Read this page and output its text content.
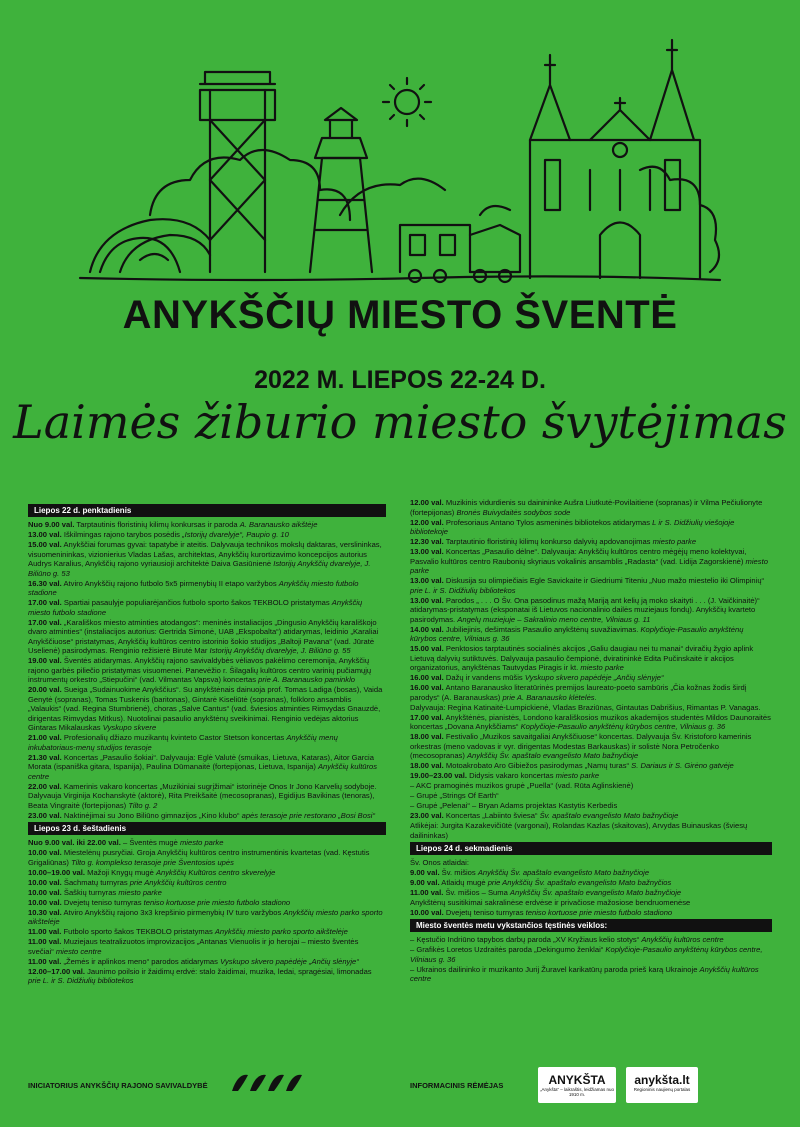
ANYKŠČIŲ MIESTO ŠVENTĖ
2022 M. LIEPOS 22-24 D.
Laimės žiburio miesto švytėjimas
Liepos 22 d. penktadienis
Nuo 9.00 val. Tarptautinis floristinių kilimų konkursas ir paroda A. Baranausko aikštėje
13.00 val. Iškilmingas rajono tarybos posėdis „Istorijų dvarelyje“, Paupio g. 10
15.00 val. Anykščiai forumas gyvai: tapatybė ir ateitis. Dalyvauja technikos mokslų daktaras, verslininkas, visuomenininkas, vizionierius Vladas Lašas, architektas, Anykščių kurortizavimo koncepcijos autorius Audrys Karalius, Anykščių rajono vyriausioji architektė Daiva Gasiūnienė Istorijų Anykščių dvarelyje, J. Biliūno g. 53
16.30 val. Atviro Anykščių rajono futbolo 5x5 pirmenybių II etapo varžybos Anykščių miesto futbolo stadione
17.00 val. Spartiai pasaulyje populiarėjančios futbolo sporto šakos TEKBOLO pristatymas Anykščių miesto futbolo stadione
17.00 val. „Karališkos miesto atminties atodangos“: meninės instaliacijos „Dingusio Anykščių karališkojo dvaro atminties“ (instaliacijos autorius: Gertrida Simonė, UAB „Ekspobalta“) atidarymas, leidinio „Karaliai Anykščiuose“ pristatymas, Anykščių kultūros centro istorinio šokio studijos „Baltoji Pavana“ (vad. Jūratė Uselienė) pasirodymas. Renginio režisierė Birutė Mar Istorijų Anykščių dvarelyje, J. Biliūno g. 55
19.00 val. Šventės atidarymas. Anykščių rajono savivaldybės vėliavos pakėlimo ceremonija, Anykščių rajono garbės piliečio pristatymas visuomenei. Panevėžio r. Šilagalių kultūros centro varinių pučiamųjų instrumentų orkestro „Stiepučini“ (vad. Vilmantas Vapsva) koncertas prie A. Baranausko paminklo
20.00 val. Sueiga „Sudainuokime Anykščius“. Su anykštėnais dainuoja prof. Tomas Ladiga (bosas), Vaida Genytė (sopranas), Tomas Tuskenis (baritonas), Gintarė Kiselіūtė (sopranas), folkloro ansamblis „Valaukis“ (vad. Regina Stumbrienė), choras „Salve Cantus“ (vad. šviesios atminties Rimvydas Gnauzdė, dirigentas Rimvydas Mitkus). Nuotolinai pasaulio anykštėnų sveikinimai. Renginio vedėjas aktorius Gintaras Mikalauskas Vyskupo skvere
21.00 val. Profesionalių džiazo muzikantų kvinteto Castor Stetson koncertas Anykščių menų inkubatoriaus-menų studijos terasoje
21.30 val. Koncertas „Pasaulio šokiai“. Dalyvauja: Eglė Valutė (smuikas, Lietuva, Kataras), Aitor Garcia Morata (ispaniška gitara, Ispanija), Paulina Dūmanaitė (fortepijonas, Lietuva, Ispanija) Anykščių kultūros centre
22.00 val. Kamerinis vakaro koncertas „Muzikiniai sugrįžimai“ istorinėje Onos Ir Jono Karvelių sodyboje. Dalyvauja Virginija Kochanskytė (aktorė), Rita Preikšaitė (mecosopranas), Egidijus Bavikinas (tenoras), Beata Vingraitė (fortepijonas) Tilto g. 2
23.00 val. Naktinėjimai su Jono Biliūno gimnazijos „Kino klubo“ apės terasoje prie restorano „Bosi Bosi“
Liepos 23 d. šeštadienis
Nuo 9.00 val. iki 22.00 val. – Šventės mugė miesto parke
10.00 val. Miestelėnų pusryčiai. Groja Anykščių kultūros centro instrumentinis kvartetas (vad. Kęstutis Grigaliūnas) Tilto g. kompleksо terasoje prie Šventosios upės
10.00–19.00 val. Mažoji Knygų mugė Anykščių Kultūros centro skverelyje
10.00 val. Šachmatų turnyras prie Anykščių kultūros centro
10.00 val. Šaškių turnyras miesto parke
10.00 val. Dvejetų teniso turnyras teniso kortuose prie miesto futbolo stadiono
10.30 val. Atviro Anykščių rajono 3x3 krepšinio pirmenybių IV turo varžybos Anykščių miesto parko sporto aikštelėje
11.00 val. Futbolo sporto šakos TEKBOLO pristatymas Anykščių miesto parko sporto aikštelėje
11.00 val. Muziejaus teatralizuotos improvizacijos „Antanas Vienuolis ir jo herojai – miesto šventės svečiai“ miesto centre
11.00 val. „Žemės ir aplinkos menо“ parodos atidarymas Vyskupo skvero papėdėje „Ančių slėnyje“
12.00–17.00 val. Jaunimo poilsio ir žaidimų erdvė: stalo žaidimai, muzika, ledai, spragėsiai, limonadas prie L. ir S. Didžiulių bibliotekos
12.00 val. Muzikinis vidurdienis su dainininke Aušra Liutkutė-Povilaitiene (sopranas) ir Vilma Pečiulionyte (fortepijonas) Bronės Buivydaitės sodybos sode
12.00 val. Profesoriaus Antano Tylos asmeninės bibliotekos atidarymas L ir S. Didžiulių viešojoje bibliotekoje
12.30 val. Tarptautinio floristinių kilimų konkurso dalyvių apdovanojimas miesto parke
13.00 val. Koncertas „Pasaulio dėlnе“. Dalyvauja: Anykščių kultūros centro mėgėjų meno kolektyvai, Pasvalio kultūros centro Raubonių skyriaus vokalinis ansamblis „Radasta“ (vad. Lidija Zagorskienė) miesto parke
13.00 val. Diskusija su olimpiečiais Egle Savickaite ir Giedriumi Titeniu „Nuo mažo miestelio iki Olimpinių“ prie L. ir S. Didžiulių bibliotekos
13.00 val. Parodos „ . . . O Šv. Ona pasodinus mažą Mariją ant kelių ją moko skaityti . . . (J. Vaičkinaitė)“ atidarymas-pristatymas (eksponatai iš Lietuvos nacionalinio dailės muziejaus fondų). Anykščių kvarteto pasirodymas. Angelų muziejuje – Sakralinio meno centre, Vilniaus g. 11
14.00 val. Jubiliejinis, dešimtasis Pasaulio anykštėnų suvažiavimas. Koplyčioje-Pasaulio anykštėnų kūrybos centre, Vilniaus g. 36
15.00 val. Penktosios tarptautinės socialinės akcijos „Galiu daugiau nei tu manai“ dviračių žygio aplink Lietuvą dalyvių sutiktuvės. Dalyvauja pasaulio čempionė, dviratininkė Edita Pučinskaitė ir akcijos organizatorius, anykštėnas Tautvydas Piragis ir kt. miesto parke
16.00 val. Dažų ir vandens mūšis Vyskupo skvero papėdėje „Ančių slėnyje“
16.00 val. Antano Baranausko literatūrinės premijos laureato-poeto sambūris „Čia kožnas žodis širdį parodys“ (A. Baranauskas) prie A. Baranausko klėtelės.
Dalyvauja: Regina Katinaitė-Lumpickienė, Vladas Braziūnas, Gintautas Dabrišius, Rimantas P. Vanagas.
17.00 val. Anykštėnės, pianistės, Londono karališkosios muzikos akademijos studentės Mildos Daunoraitės koncertas „Dovana Anykščiams“ Koplyčioje-Pasaulio anykštėnų kūrybos centre, Vilniaus g. 36
18.00 val. Festivalio „Muzikos savaitgaliai Anykščiuose“ koncertas. Dalyvauja Šv. Kristoforo kamerinis orkestras (meno vadovas ir vyr. dirigentas Modestas Barkauskas) ir solistė Nora Petročenko (mecosopranas) Anykščių Šv. apaštalo evangelisto Mato bažnyčioje
18.00 val. Motoakrobato Aro Gibiežos pasirodymas „Namų turas“ S. Dariaus ir S. Girėno gatvėje
19.00–23.00 val. Didysis vakaro koncertas miesto parke
– AKC pramoginės muzikos grupė „Puella“ (vad. Rūta Aglinskienė)
– Grupė „Strings Of Earth“
– Grupė „Pelenai“ – Bryan Adams projektas Kastytis Kerbedis
23.00 val. Koncertas „Labiinto šviesa“ Šv. apaštalo evangelisto Mato bažnyčioje
Atlikėjai: Jurgita Kazakevičiūtė (vargonai), Rolandas Kazlas (skaitovas), Arvydas Buinauskas (šviesų dailininkas)
Liepos 24 d. sekmadienis
Šv. Onos atlaidai:
9.00 val. Šv. mišios Anykščių Šv. apaštalo evangelisto Mato bažnyčioje
9.00 val. Atlaidų mugė prie Anykščių Šv. apaštalo evangelisto Mato bažnyčios
11.00 val. Šv. mišios – Suma Anykščių Šv. apaštalo evangelisto Mato bažnyčioje
Anykštėnų susitikimai sakralinėse erdvėse ir privačiose mažosiose bendruomenėse
10.00 val. Dvejetų teniso turnyras teniso kortuose prie miesto futbolo stadiono
Miesto šventės metu vykstančios tęstinės veiklos:
– Kęstučio Indriūno tapybos darbų paroda „XV Kryžiaus kelio stotys“ Anykščių kultūros centre
– Grafikės Loretos Uzdraitės paroda „Dekingumo ženklai“ Koplyčioje-Pasaulio anykštėnų kūrybos centre, Vilniaus g. 36
– Ukrainos dailininko ir muzikanto Jurij Žuravel karikatūrų paroda prieš karą Ukrainoje Anykščių kultūros centre
INICIATORIUS ANYKŠČIŲ RAJONO SAVIVALDYBĖ	INFORMACINIS RĖMĖJAS	ANYKŠTA
„Anykšta“ – laikraštis, leidžiamas nuo 1910 m.
anykšta.lt
Regioninis naujienų portalas
